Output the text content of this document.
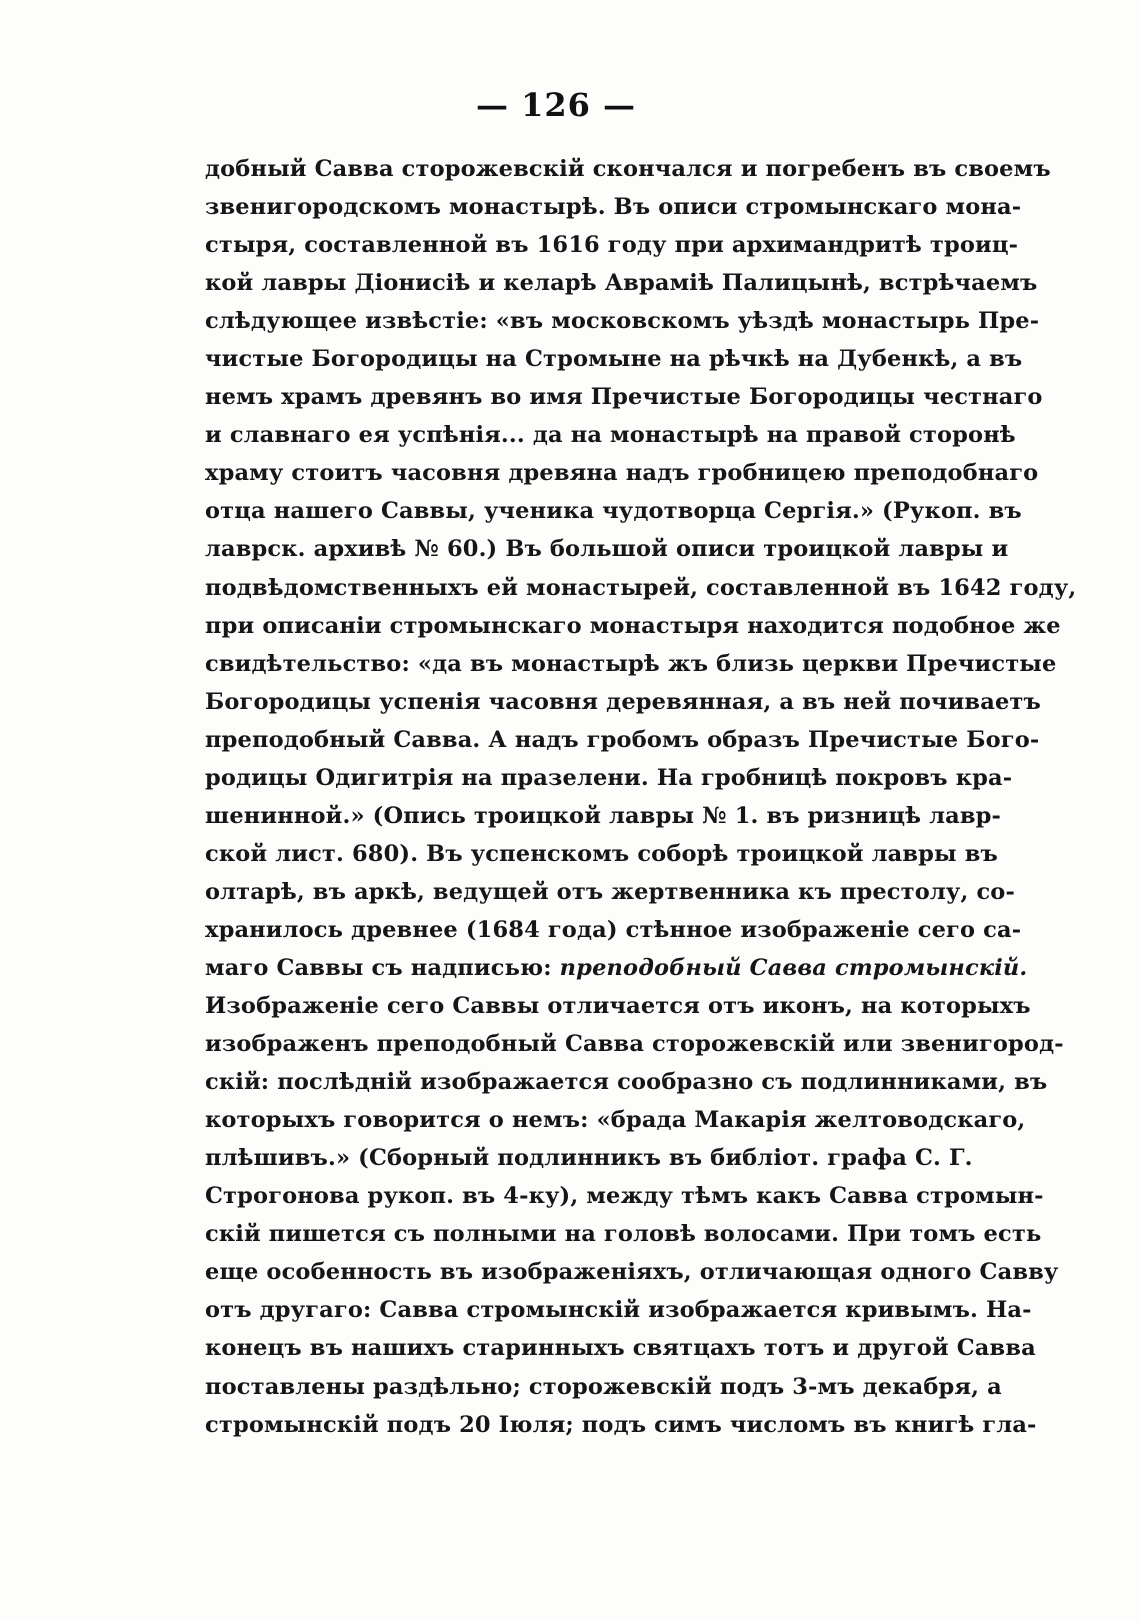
— 126 —
добный Савва сторожевскій скончался и погребенъ въ своемъ
звенигородскомъ монастырѣ. Въ описи стромынскаго мона-
стыря, составленной въ 1616 году при архимандритѣ троиц-
кой лавры Діонисіѣ и келарѣ Аврамiѣ Палицынѣ, встрѣчаемъ
слѣдующее извѣстіе: «въ московскомъ уѣздѣ монастырь Пре-
чистые Богородицы на Стромыне на рѣчкѣ на Дубенкѣ, а въ
немъ храмъ древянъ во имя Пречистые Богородицы честнаго
и славнаго ея успѣнія... да на монастырѣ на правой сторонѣ
храму стоитъ часовня древяна надъ гробницею преподобнаго
отца нашего Саввы, ученика чудотворца Сергія.» (Рукоп. въ
лаврск. архивѣ № 60.) Въ большой описи троицкой лавры и
подвѣдомственныхъ ей монастырей, составленной въ 1642 году,
при описаніи стромынскаго монастыря находится подобное же
свидѣтельство: «да въ монастырѣ жъ близь церкви Пречистые
Богородицы успенія часовня деревянная, а въ ней почиваетъ
преподобный Савва. А надъ гробомъ образъ Пречистые Бого-
родицы Одигитрія на празелени. На гробницѣ покровъ кра-
шенинной.» (Опись троицкой лавры № 1. въ ризницѣ лавр-
ской лист. 680). Въ успенскомъ соборѣ троицкой лавры въ
олтарѣ, въ аркѣ, ведущей отъ жертвенника къ престолу, со-
хранилось древнее (1684 года) стѣнное изображеніе сего са-
маго Саввы съ надписью: преподобный Савва стромынскій.
Изображеніе сего Саввы отличается отъ иконъ, на которыхъ
изображенъ преподобный Савва сторожевскій или звенигород-
скій: послѣдній изображается сообразно съ подлинниками, въ
которыхъ говорится о немъ: «брада Макарія желтоводскаго,
плѣшивъ.» (Сборный подлинникъ въ библіот. графа С. Г.
Строгонова рукоп. въ 4-ку), между тѣмъ какъ Савва стромын-
скій пишется съ полными на головѣ волосами. При томъ есть
еще особенность въ изображеніяхъ, отличающая одного Савву
отъ другаго: Савва стромынскій изображается кривымъ. На-
конецъ въ нашихъ старинныхъ святцахъ тотъ и другой Савва
поставлены раздѣльно; сторожевскій подъ 3-мъ декабря, а
стромынскій подъ 20 Іюля; подъ симъ числомъ въ книгѣ гла-
